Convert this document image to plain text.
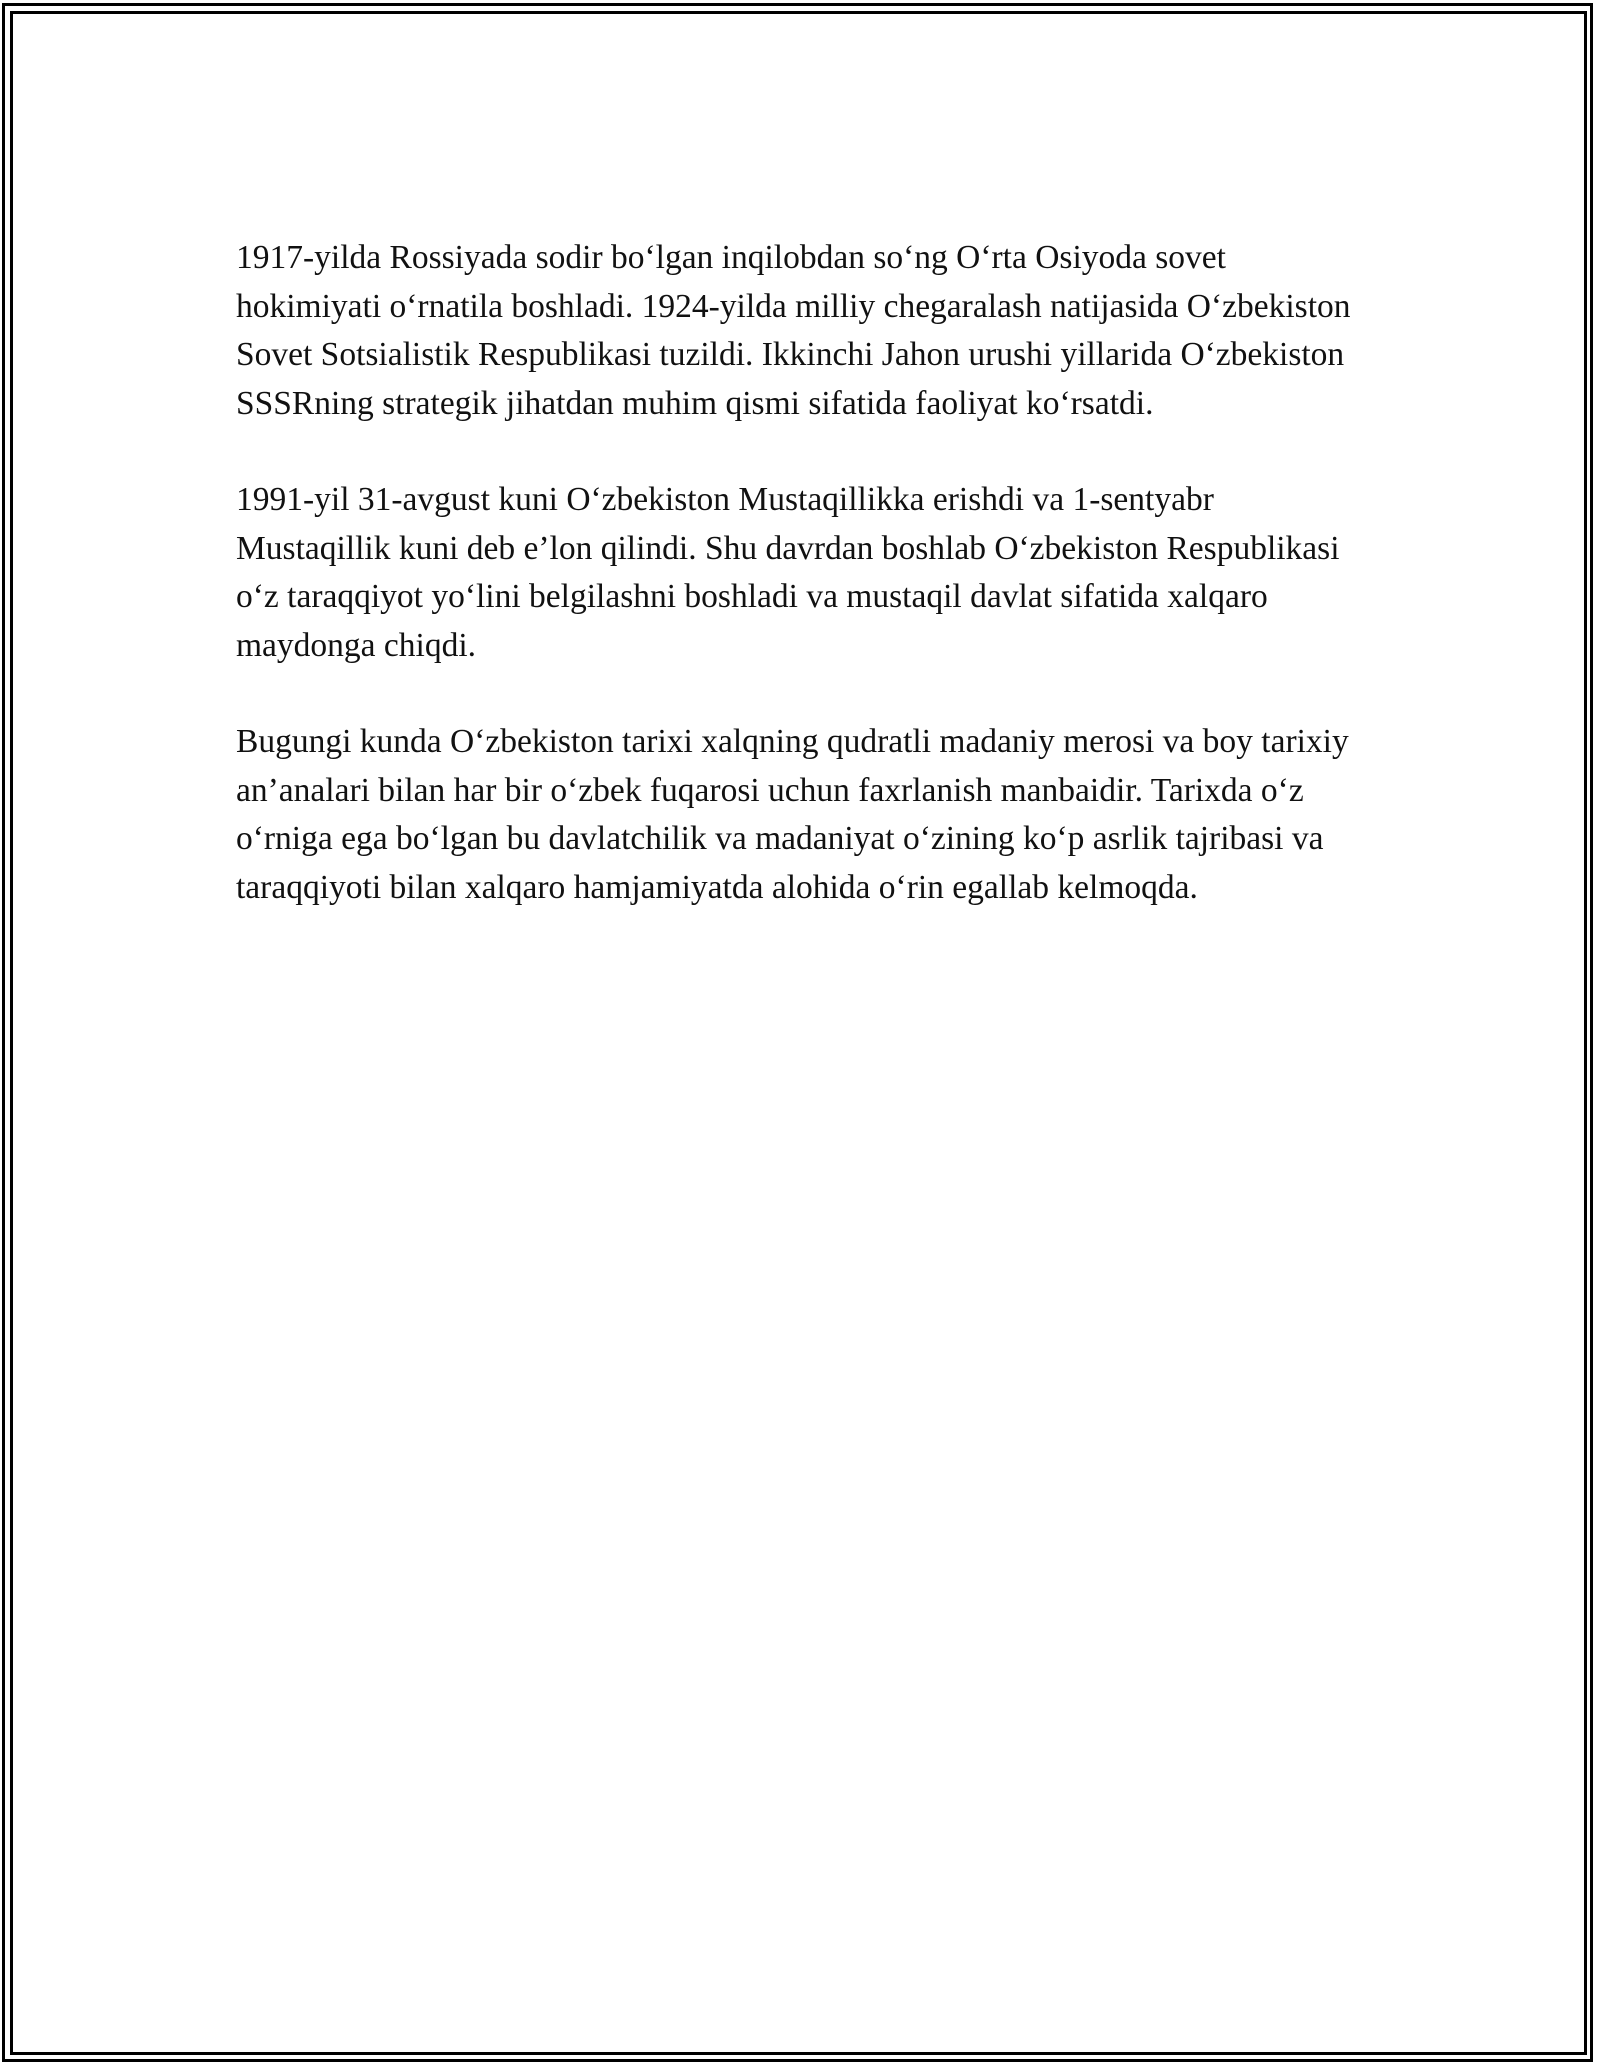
1917-yilda Rossiyada sodir bo‘lgan inqilobdan so‘ng O‘rta Osiyoda sovet hokimiyati o‘rnatila boshladi. 1924-yilda milliy chegaralash natijasida O‘zbekiston Sovet Sotsialistik Respublikasi tuzildi. Ikkinchi Jahon urushi yillarida O‘zbekiston SSSRning strategik jihatdan muhim qismi sifatida faoliyat ko‘rsatdi.

1991-yil 31-avgust kuni O‘zbekiston Mustaqillikka erishdi va 1-sentyabr Mustaqillik kuni deb e’lon qilindi. Shu davrdan boshlab O‘zbekiston Respublikasi o‘z taraqqiyot yo‘lini belgilashni boshladi va mustaqil davlat sifatida xalqaro maydonga chiqdi.

Bugungi kunda O‘zbekiston tarixi xalqning qudratli madaniy merosi va boy tarixiy an’analari bilan har bir o‘zbek fuqarosi uchun faxrlanish manbaidir. Tarixda o‘z o‘rniga ega bo‘lgan bu davlatchilik va madaniyat o‘zining ko‘p asrlik tajribasi va taraqqiyoti bilan xalqaro hamjamiyatda alohida o‘rin egallab kelmoqda.
